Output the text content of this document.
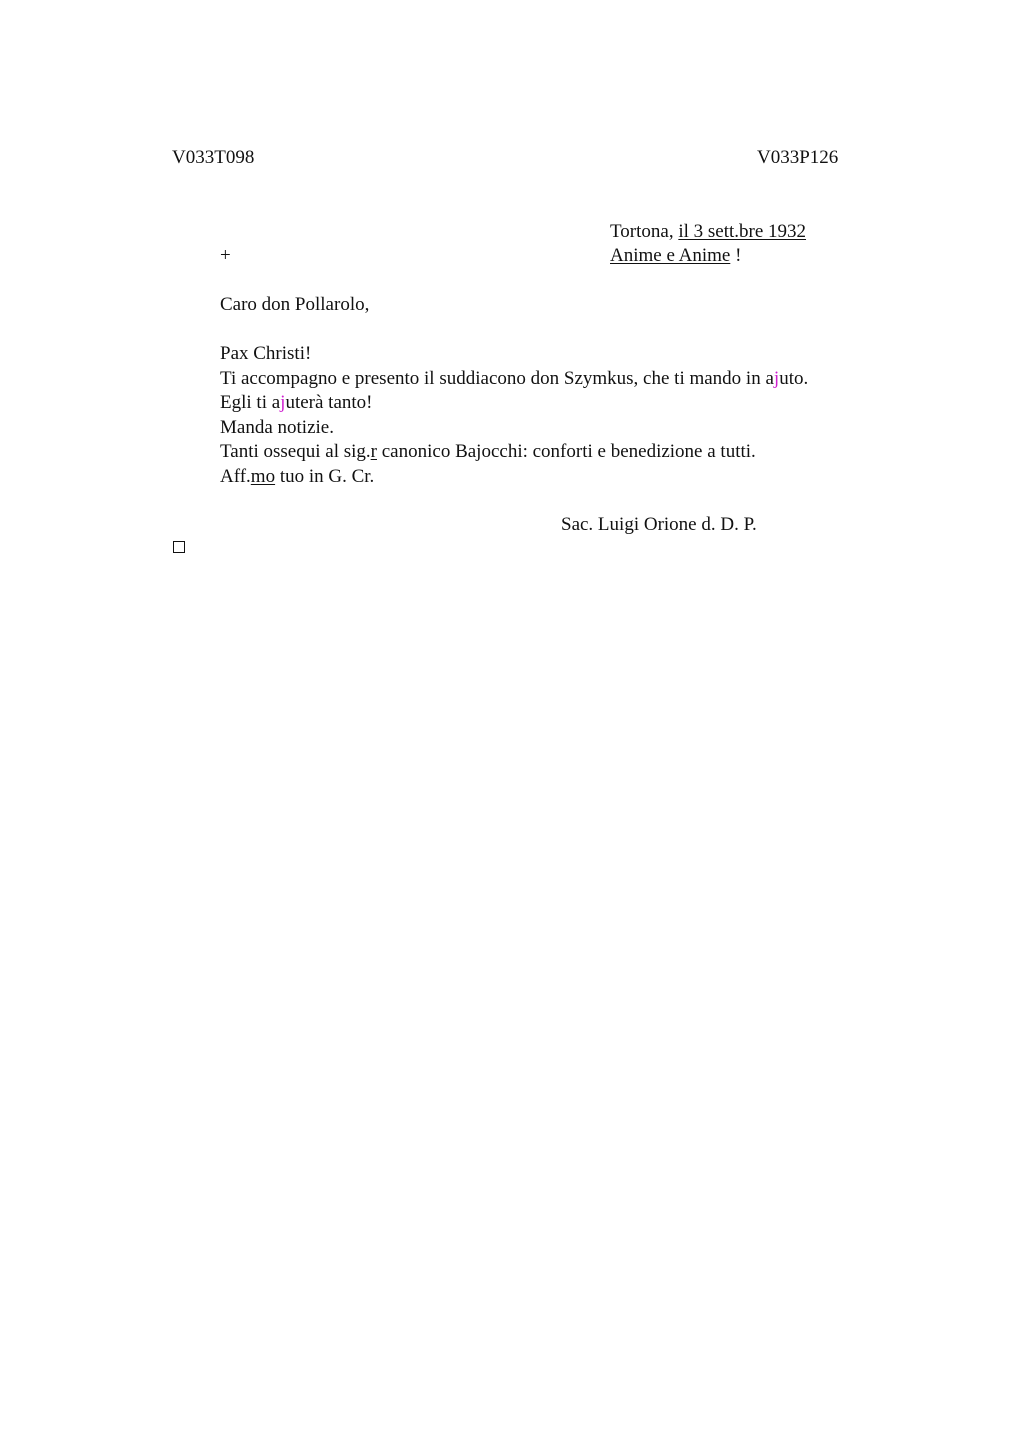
V033T098	V033P126
Tortona, il 3 sett.bre 1932
Anime e Anime !
+
Caro don Pollarolo,
Pax Christi!
Ti accompagno e presento il suddiacono don Szymkus, che ti mando in ajuto.
Egli ti ajuterà tanto!
Manda notizie.
Tanti ossequi al sig.r canonico Bajocchi: conforti e benedizione a tutti.
Aff.mo tuo in G. Cr.
Sac. Luigi Orione d. D. P.
